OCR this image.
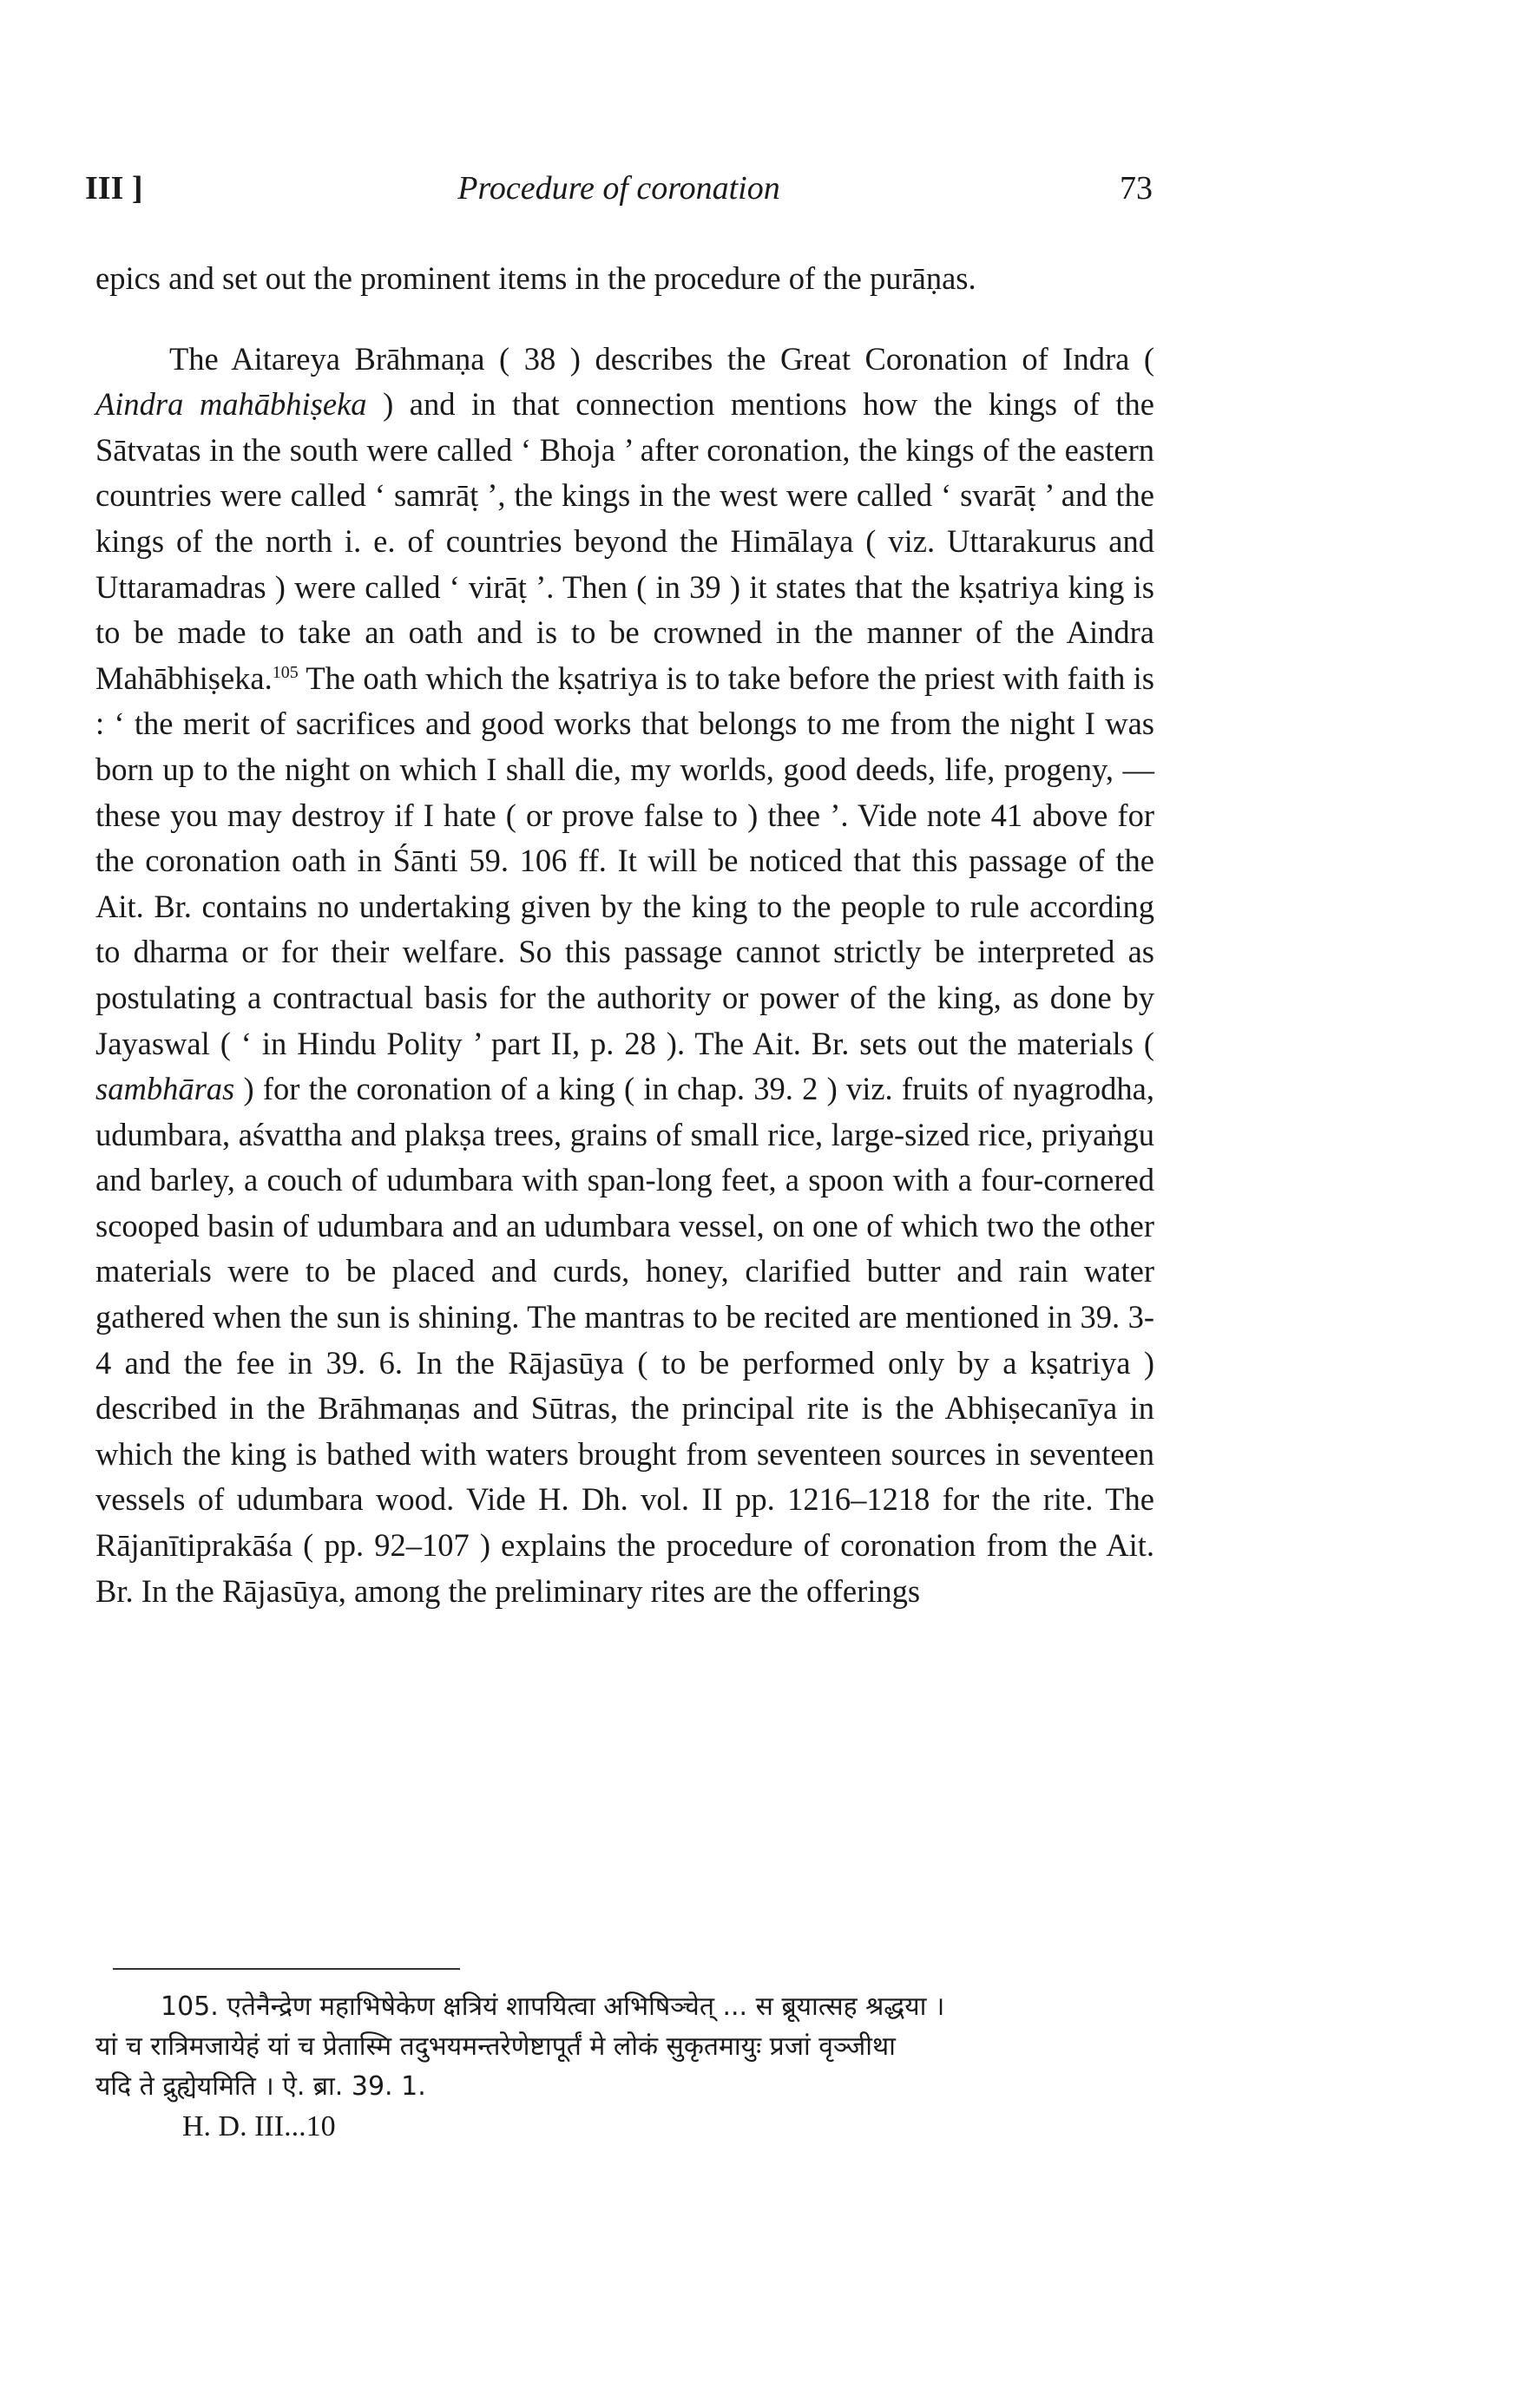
III ]	Procedure of coronation	73

epics and set out the prominent items in the procedure of the purāṇas.

The Aitareya Brāhmaṇa ( 38 ) describes the Great Coronation of Indra ( Aindra mahābhiṣeka ) and in that connection mentions how the kings of the Sātvatas in the south were called ‘ Bhoja ’ after coronation, the kings of the eastern countries were called ‘ samrāṭ ’, the kings in the west were called ‘ svarāṭ ’ and the kings of the north i. e. of countries beyond the Himālaya ( viz. Uttarakurus and Uttaramadras ) were called ‘ virāṭ ’. Then ( in 39 ) it states that the kṣatriya king is to be made to take an oath and is to be crowned in the manner of the Aindra Mahābhiṣeka.$^{105}$ The oath which the kṣatriya is to take before the priest with faith is : ‘ the merit of sacrifices and good works that belongs to me from the night I was born up to the night on which I shall die, my worlds, good deeds, life, progeny, — these you may destroy if I hate ( or prove false to ) thee ’. Vide note 41 above for the coronation oath in Śānti 59. 106 ff. It will be noticed that this passage of the Ait. Br. contains no undertaking given by the king to the people to rule according to dharma or for their welfare. So this passage cannot strictly be interpreted as postulating a contractual basis for the authority or power of the king, as done by Jayaswal ( ‘ in Hindu Polity ’ part II, p. 28 ). The Ait. Br. sets out the materials ( sambhāras ) for the coronation of a king ( in chap. 39. 2 ) viz. fruits of nyagrodha, udumbara, aśvattha and plakṣa trees, grains of small rice, large-sized rice, priyaṅgu and barley, a couch of udumbara with span-long feet, a spoon with a four-cornered scooped basin of udumbara and an udumbara vessel, on one of which two the other materials were to be placed and curds, honey, clarified butter and rain water gathered when the sun is shining. The mantras to be recited are mentioned in 39. 3-4 and the fee in 39. 6. In the Rājasūya ( to be performed only by a kṣatriya ) described in the Brāhmaṇas and Sūtras, the principal rite is the Abhiṣecanīya in which the king is bathed with waters brought from seventeen sources in seventeen vessels of udumbara wood. Vide H. Dh. vol. II pp. 1216–1218 for the rite. The Rājanītiprakāśa ( pp. 92–107 ) explains the procedure of coronation from the Ait. Br. In the Rājasūya, among the preliminary rites are the offerings

105. एतेनैन्द्रेण महाभिषेकेण क्षत्रियं शापयित्वा अभिषिञ्चेत् ... स ब्रूयात्सह श्रद्धया ।

यां च रात्रिमजायेहं यां च प्रेतास्मि तदुभयमन्तरेणेष्टापूर्तं मे लोकं सुकृतमायुः प्रजां वृञ्जीथा

यदि ते द्रुह्येयमिति । ऐ. ब्रा. 39. 1.

H. D. III...10
